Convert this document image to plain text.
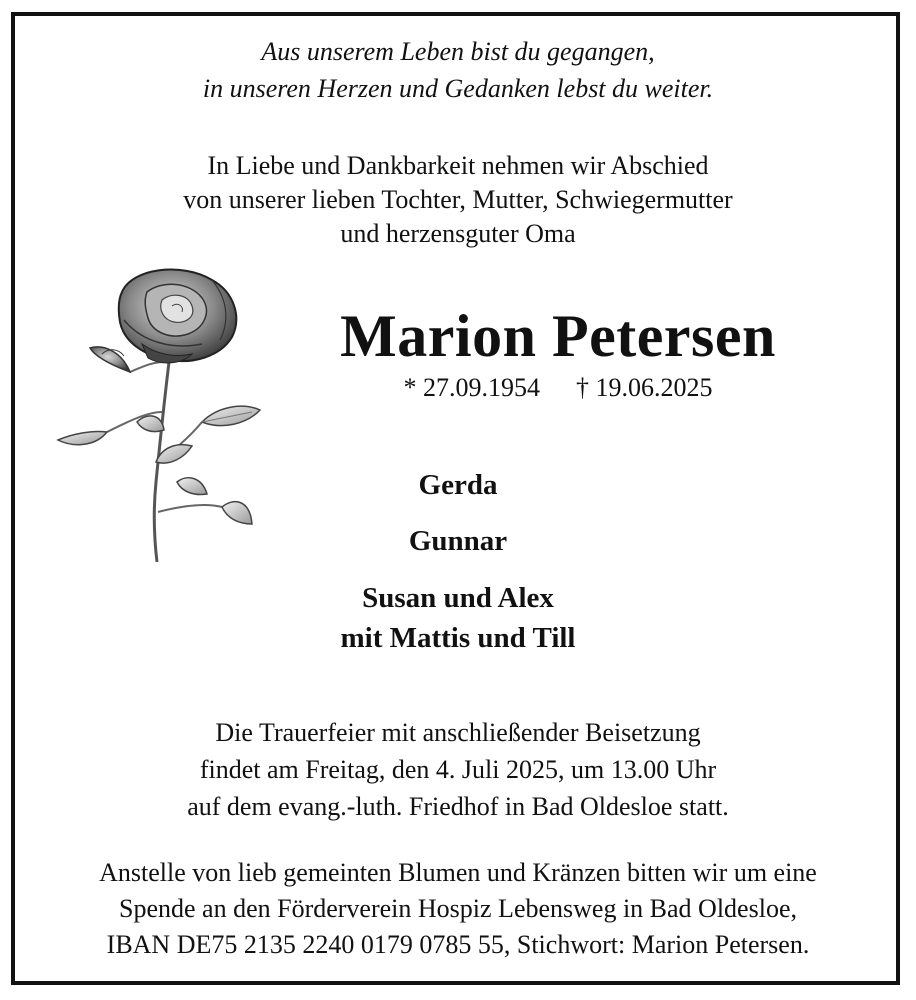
Aus unserem Leben bist du gegangen,
in unseren Herzen und Gedanken lebst du weiter.
In Liebe und Dankbarkeit nehmen wir Abschied
von unserer lieben Tochter, Mutter, Schwiegermutter
und herzensguter Oma
Marion Petersen
* 27.09.1954 † 19.06.2025
Gerda
Gunnar
Susan und Alex
mit Mattis und Till
Die Trauerfeier mit anschließender Beisetzung
findet am Freitag, den 4. Juli 2025, um 13.00 Uhr
auf dem evang.-luth. Friedhof in Bad Oldesloe statt.
Anstelle von lieb gemeinten Blumen und Kränzen bitten wir um eine
Spende an den Förderverein Hospiz Lebensweg in Bad Oldesloe,
IBAN DE75 2135 2240 0179 0785 55, Stichwort: Marion Petersen.
